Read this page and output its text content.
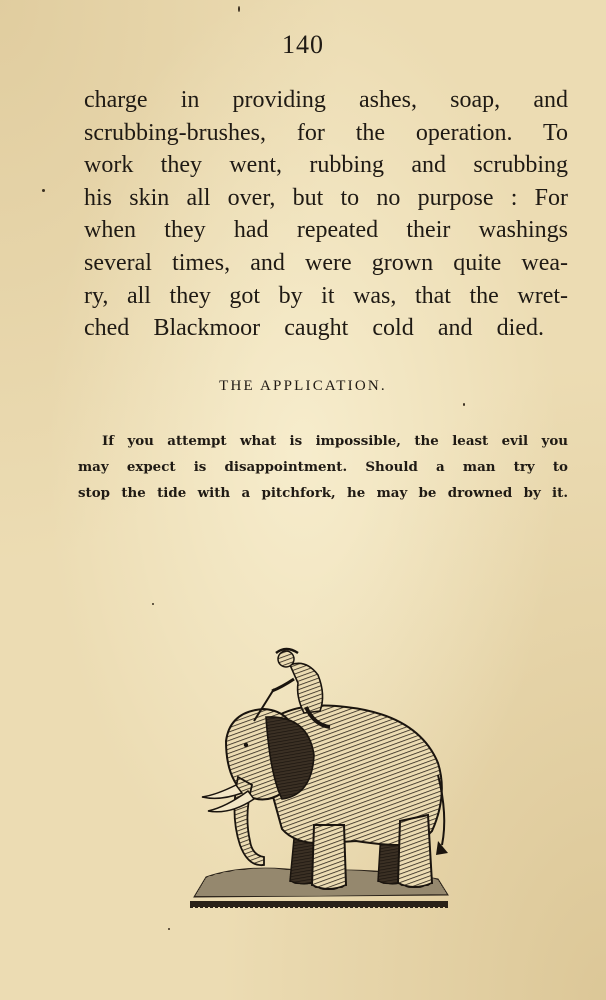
140
charge in providing ashes, soap, and
scrubbing-brushes, for the operation. To
work they went, rubbing and scrubbing
his skin all over, but to no purpose : For
when they had repeated their washings
several times, and were grown quite wea-
ry, all they got by it was, that the wret-
ched Blackmoor caught cold and died.
THE APPLICATION.
If you attempt what is impossible, the least evil you
may expect is disappointment. Should a man try to
stop the tide with a pitchfork, he may be drowned by it.
